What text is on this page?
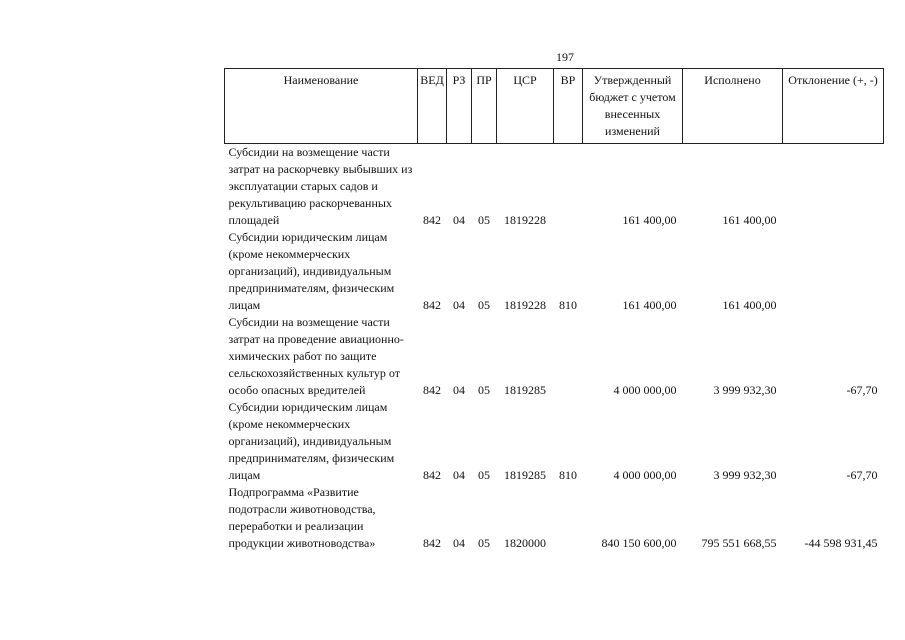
197
Наименование	ВЕД	РЗ	ПР	ЦСР	ВР	Утвержденный бюджет с учетом внесенных изменений	Исполнено	Отклонение (+, -)
Субсидии на возмещение части затрат на раскорчевку выбывших из эксплуатации старых садов и рекультивацию раскорчеванных площадей	842	04	05	1819228		161 400,00	161 400,00	
Субсидии юридическим лицам (кроме некоммерческих организаций), индивидуальным предпринимателям, физическим лицам	842	04	05	1819228	810	161 400,00	161 400,00	
Субсидии на возмещение части затрат на проведение авиационно-химических работ по защите сельскохозяйственных культур от особо опасных вредителей	842	04	05	1819285		4 000 000,00	3 999 932,30	-67,70
Субсидии юридическим лицам (кроме некоммерческих организаций), индивидуальным предпринимателям, физическим лицам	842	04	05	1819285	810	4 000 000,00	3 999 932,30	-67,70
Подпрограмма «Развитие подотрасли животноводства, переработки и реализации продукции животноводства»	842	04	05	1820000		840 150 600,00	795 551 668,55	-44 598 931,45
